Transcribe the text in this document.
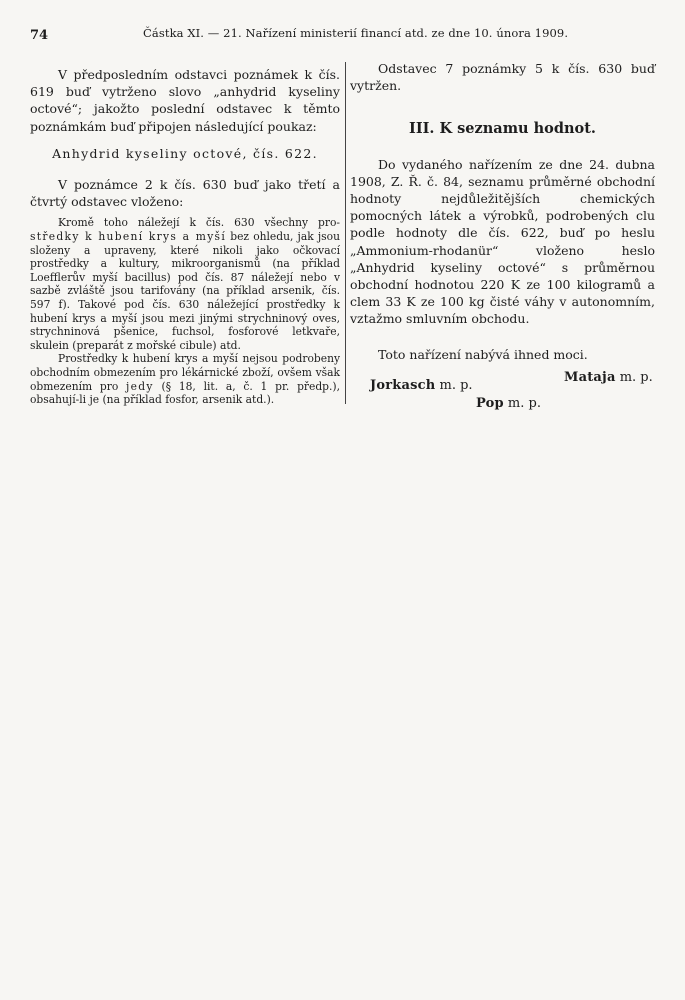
74	Částka XI. — 21. Nařízení ministerií financí atd. ze dne 10. února 1909.

V předposledním odstavci poznámek k čís. 619 buď vytrženo slovo „anhydrid kyseliny octové“; jakožto poslední odstavec k těmto poznámkám buď připojen následující poukaz:

Anhydrid kyseliny octové, čís. 622.

V poznámce 2 k čís. 630 buď jako třetí a čtvrtý odstavec vloženo:

Kromě toho náležejí k čís. 630 všechny pro- středky k hubení krys a myší bez ohledu, jak jsou složeny a upraveny, které nikoli jako očkovací prostředky a kultury, mikroorganismů (na příklad Loefflerův myší bacillus) pod čís. 87 náležejí nebo v sazbě zvláště jsou tarifovány (na příklad arsenik, čís. 597 f). Takové pod čís. 630 náležející prostředky k hubení krys a myší jsou mezi jinými strychninový oves, strychninová pšenice, fuchsol, fosforové letkvaře, skulein (preparát z mořské cibule) atd.

Prostředky k hubení krys a myší nejsou podrobeny obchodním obmezením pro lékárnické zboží, ovšem však obmezením pro jedy (§ 18, lit. a, č. 1 pr. předp.), obsahují-li je (na příklad fosfor, arsenik atd.).

Odstavec 7 poznámky 5 k čís. 630 buď vytržen.

III. K seznamu hodnot.

Do vydaného nařízením ze dne 24. dubna 1908, Z. Ř. č. 84, seznamu průměrné obchodní hodnoty nejdůležitějších chemických pomocných látek a výrobků, podrobených clu podle hodnoty dle čís. 622, buď po heslu „Ammonium-rhodanür“ vloženo heslo „Anhydrid kyseliny octové“ s průměrnou obchodní hodnotou 220 K ze 100 kilogramů a clem 33 K ze 100 kg čisté váhy v autonomním, vztažmo smluvním obchodu.

Toto nařízení nabývá ihned moci.

Jorkasch m. p.
Mataja m. p.
Pop m. p.
